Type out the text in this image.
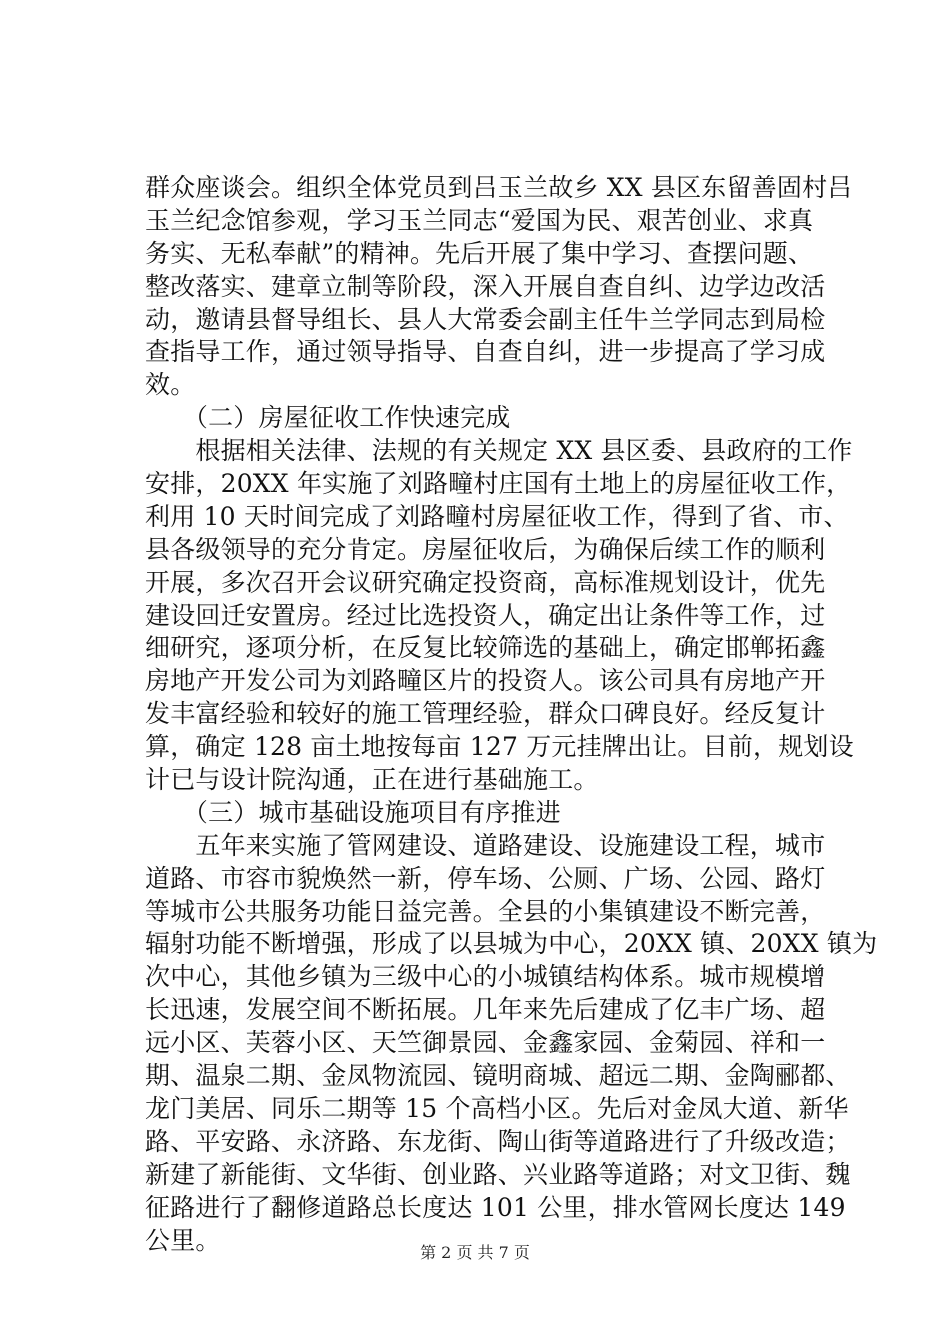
群众座谈会。组织全体党员到吕玉兰故乡 XX 县区东留善固村吕
玉兰纪念馆参观，学习玉兰同志“爱国为民、艰苦创业、求真
务实、无私奉献”的精神。先后开展了集中学习、查摆问题、
整改落实、建章立制等阶段，深入开展自查自纠、边学边改活
动，邀请县督导组长、县人大常委会副主任牛兰学同志到局检
查指导工作，通过领导指导、自查自纠，进一步提高了学习成
效。
　　（二）房屋征收工作快速完成
　　根据相关法律、法规的有关规定 XX 县区委、县政府的工作
安排，20XX 年实施了刘路疃村庄国有土地上的房屋征收工作，
利用 10 天时间完成了刘路疃村房屋征收工作，得到了省、市、
县各级领导的充分肯定。房屋征收后，为确保后续工作的顺利
开展，多次召开会议研究确定投资商，高标准规划设计，优先
建设回迁安置房。经过比选投资人，确定出让条件等工作，过
细研究，逐项分析，在反复比较筛选的基础上，确定邯郸拓鑫
房地产开发公司为刘路疃区片的投资人。该公司具有房地产开
发丰富经验和较好的施工管理经验，群众口碑良好。经反复计
算，确定 128 亩土地按每亩 127 万元挂牌出让。目前，规划设
计已与设计院沟通，正在进行基础施工。
　　（三）城市基础设施项目有序推进
　　五年来实施了管网建设、道路建设、设施建设工程，城市
道路、市容市貌焕然一新，停车场、公厕、广场、公园、路灯
等城市公共服务功能日益完善。全县的小集镇建设不断完善，
辐射功能不断增强，形成了以县城为中心，20XX 镇、20XX 镇为
次中心，其他乡镇为三级中心的小城镇结构体系。城市规模增
长迅速，发展空间不断拓展。几年来先后建成了亿丰广场、超
远小区、芙蓉小区、天竺御景园、金鑫家园、金菊园、祥和一
期、温泉二期、金凤物流园、镜明商城、超远二期、金陶郦都、
龙门美居、同乐二期等 15 个高档小区。先后对金凤大道、新华
路、平安路、永济路、东龙街、陶山街等道路进行了升级改造；
新建了新能街、文华街、创业路、兴业路等道路；对文卫街、魏
征路进行了翻修道路总长度达 101 公里，排水管网长度达 149
公里。	第 2 页 共 7 页
